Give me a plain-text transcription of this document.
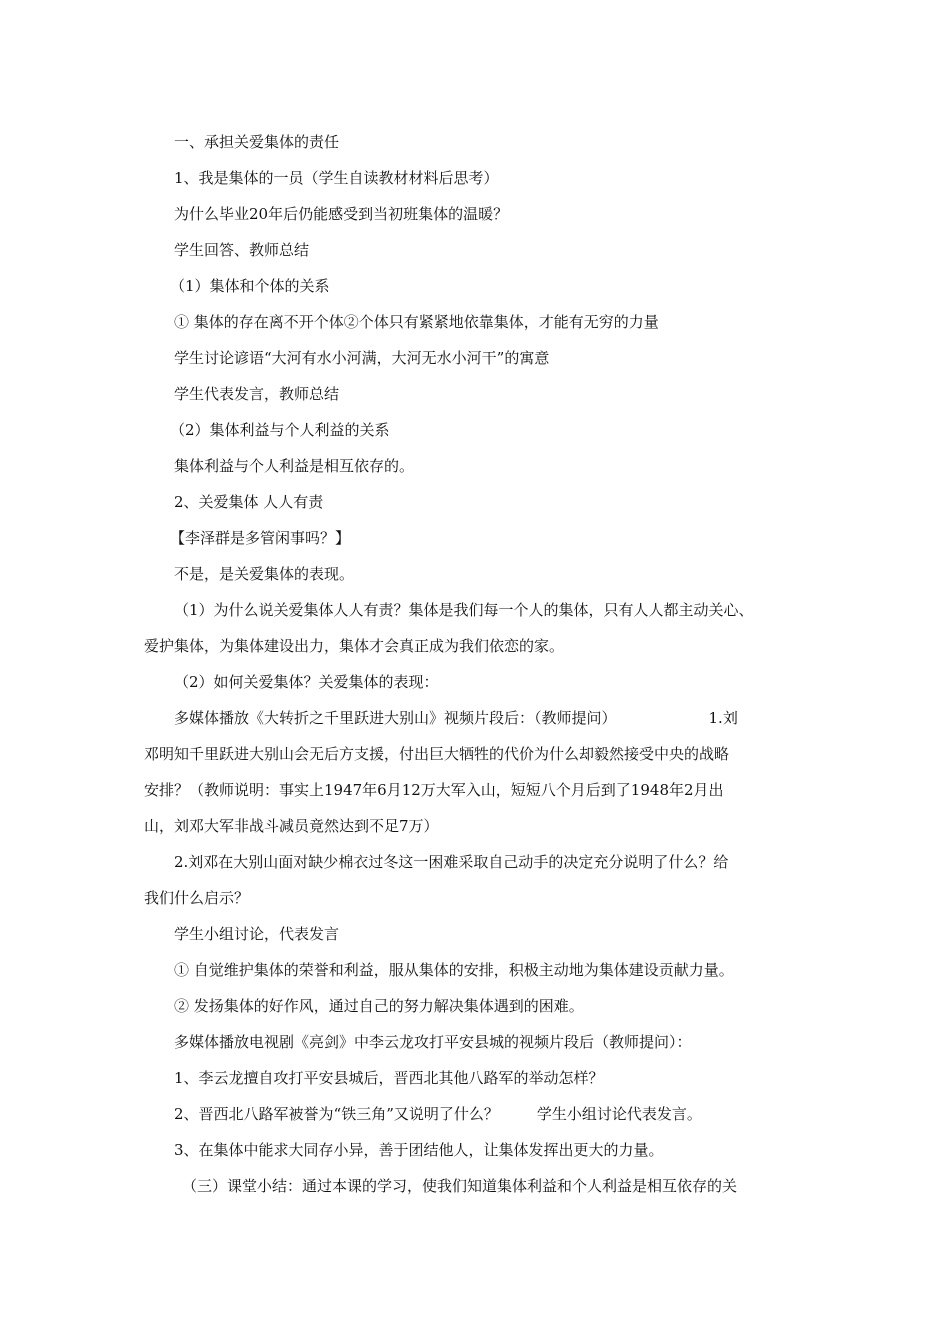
一、承担关爱集体的责任
1、我是集体的一员（学生自读教材材料后思考）
为什么毕业20年后仍能感受到当初班集体的温暖？
学生回答、教师总结
（1）集体和个体的关系
① 集体的存在离不开个体②个体只有紧紧地依靠集体，才能有无穷的力量
学生讨论谚语“大河有水小河满，大河无水小河干”的寓意
学生代表发言，教师总结
（2）集体利益与个人利益的关系
集体利益与个人利益是相互依存的。
2、关爱集体 人人有责
【李泽群是多管闲事吗？】
不是，是关爱集体的表现。
（1）为什么说关爱集体人人有责？集体是我们每一个人的集体，只有人人都主动关心、
爱护集体，为集体建设出力，集体才会真正成为我们依恋的家。
（2）如何关爱集体？关爱集体的表现：
多媒体播放《大转折之千里跃进大别山》视频片段后：（教师提问）	1.刘
邓明知千里跃进大别山会无后方支援，付出巨大牺牲的代价为什么却毅然接受中央的战略
安排？（教师说明：事实上1947年6月12万大军入山，短短八个月后到了1948年2月出
山，刘邓大军非战斗减员竟然达到不足7万）
2.刘邓在大别山面对缺少棉衣过冬这一困难采取自己动手的决定充分说明了什么？给
我们什么启示？
学生小组讨论，代表发言
① 自觉维护集体的荣誉和利益，服从集体的安排，积极主动地为集体建设贡献力量。
② 发扬集体的好作风，通过自己的努力解决集体遇到的困难。
多媒体播放电视剧《亮剑》中李云龙攻打平安县城的视频片段后（教师提问）：
1、李云龙擅自攻打平安县城后，晋西北其他八路军的举动怎样？
2、晋西北八路军被誉为“铁三角”又说明了什么？	学生小组讨论代表发言。
3、在集体中能求大同存小异，善于团结他人，让集体发挥出更大的力量。
（三）课堂小结：通过本课的学习，使我们知道集体利益和个人利益是相互依存的关
